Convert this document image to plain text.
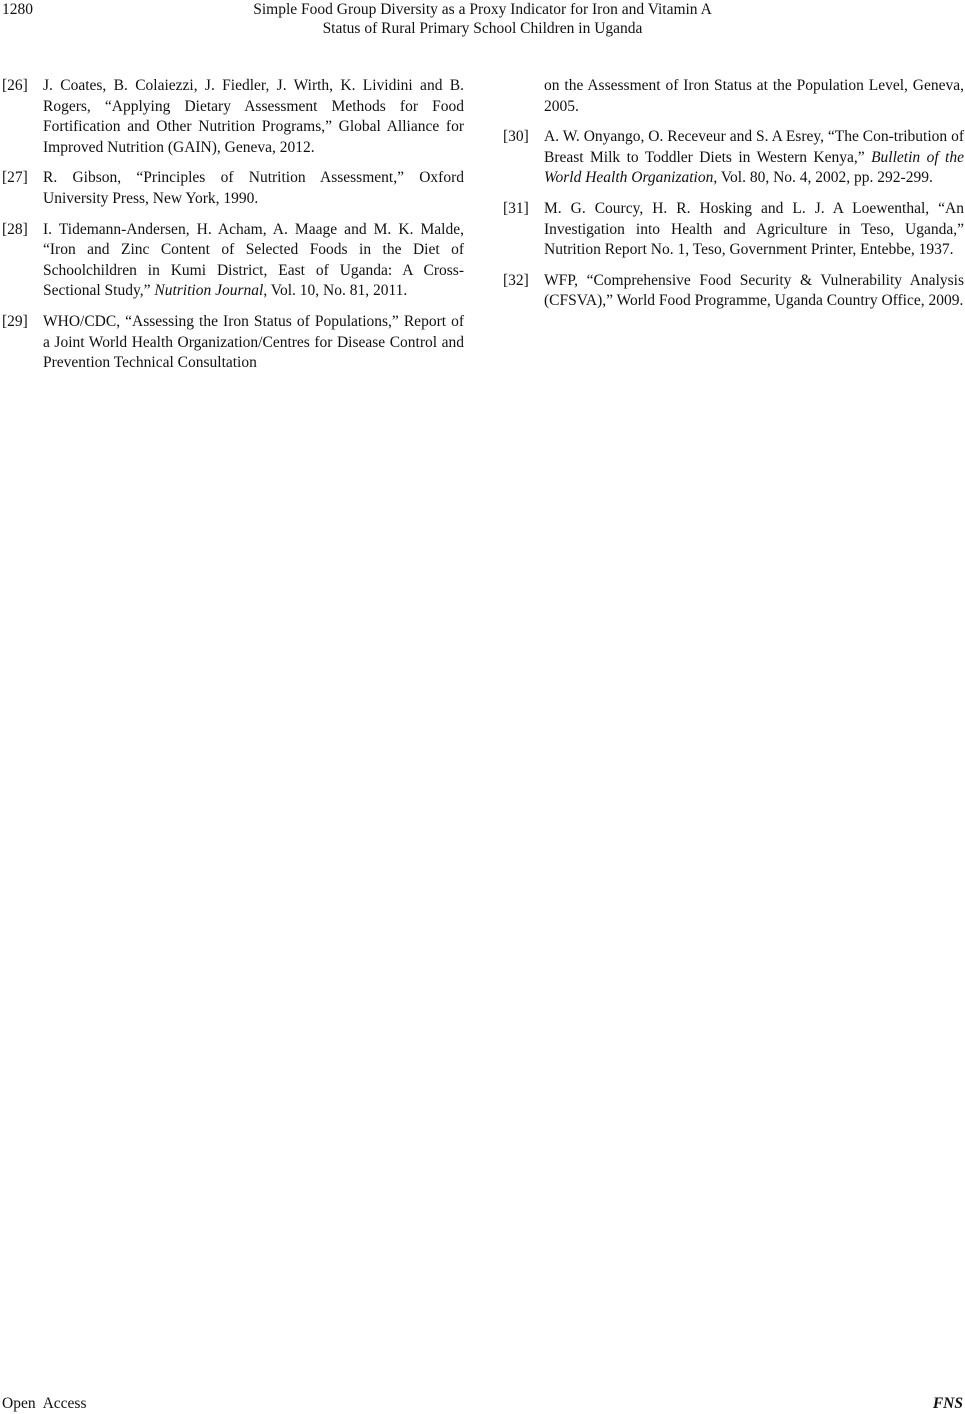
1280	Simple Food Group Diversity as a Proxy Indicator for Iron and Vitamin A
Status of Rural Primary School Children in Uganda
[26] J. Coates, B. Colaiezzi, J. Fiedler, J. Wirth, K. Lividini and B. Rogers, “Applying Dietary Assessment Methods for Food Fortification and Other Nutrition Programs,” Global Alliance for Improved Nutrition (GAIN), Geneva, 2012.
[27] R. Gibson, “Principles of Nutrition Assessment,” Oxford University Press, New York, 1990.
[28] I. Tidemann-Andersen, H. Acham, A. Maage and M. K. Malde, “Iron and Zinc Content of Selected Foods in the Diet of Schoolchildren in Kumi District, East of Uganda: A Cross-Sectional Study,” Nutrition Journal, Vol. 10, No. 81, 2011.
[29] WHO/CDC, “Assessing the Iron Status of Populations,” Report of a Joint World Health Organization/Centres for Disease Control and Prevention Technical Consultation
on the Assessment of Iron Status at the Population Level, Geneva, 2005.
[30] A. W. Onyango, O. Receveur and S. A Esrey, “The Con-tribution of Breast Milk to Toddler Diets in Western Kenya,” Bulletin of the World Health Organization, Vol. 80, No. 4, 2002, pp. 292-299.
[31] M. G. Courcy, H. R. Hosking and L. J. A Loewenthal, “An Investigation into Health and Agriculture in Teso, Uganda,” Nutrition Report No. 1, Teso, Government Printer, Entebbe, 1937.
[32] WFP, “Comprehensive Food Security & Vulnerability Analysis (CFSVA),” World Food Programme, Uganda Country Office, 2009.
Open Access	FNS
